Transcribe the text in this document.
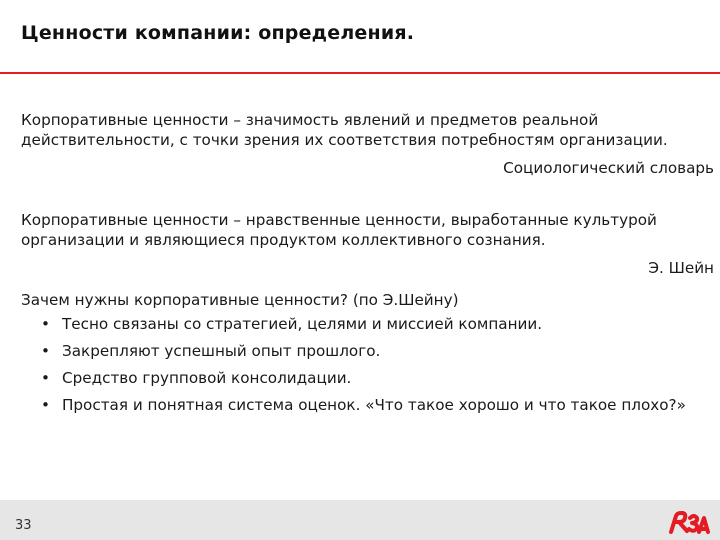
Ценности компании: определения.

Корпоративные ценности – значимость явлений и предметов реальной действительности, с точки зрения их соответствия потребностям организации.

Социологический словарь

Корпоративные ценности – нравственные ценности, выработанные культурой организации и являющиеся продуктом коллективного сознания.

Э. Шейн

Зачем нужны корпоративные ценности? (по Э.Шейну)

• Тесно связаны со стратегией, целями и миссией компании.
• Закрепляют успешный опыт прошлого.
• Средство групповой консолидации.
• Простая и понятная система оценок. «Что такое хорошо и что такое плохо?»
33
